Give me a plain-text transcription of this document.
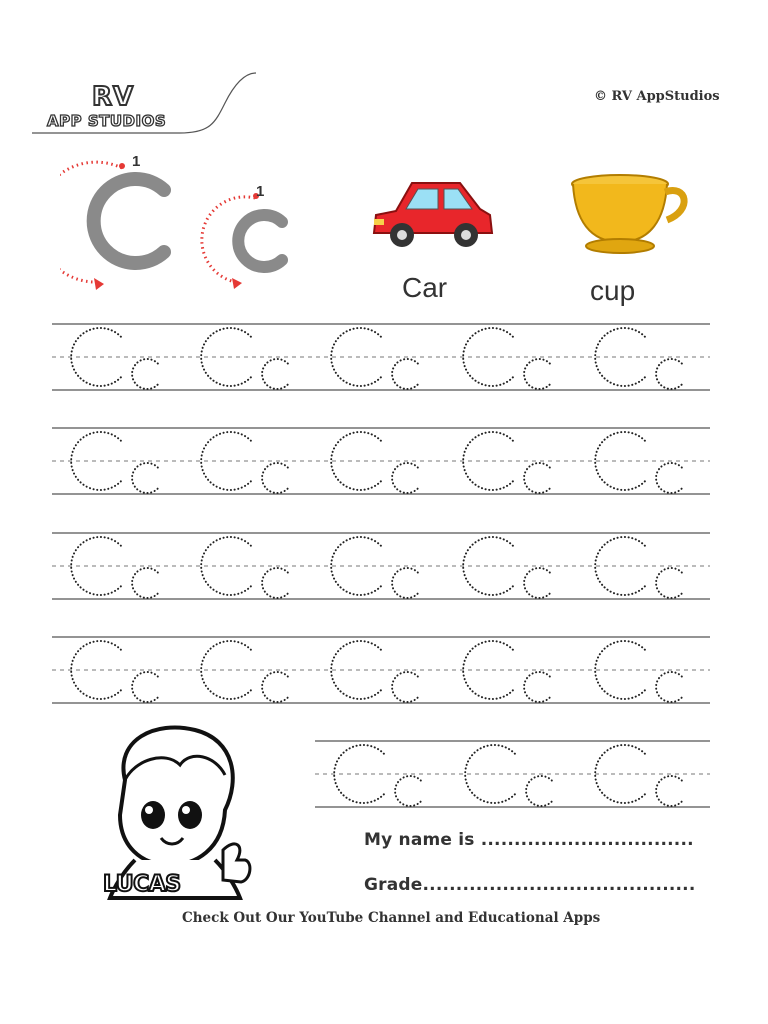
RV
APP STUDIOS
© RV AppStudios
1
1
Car	cup
LUCAS
My name is ................................
Grade.........................................
Check Out Our YouTube Channel and Educational Apps
